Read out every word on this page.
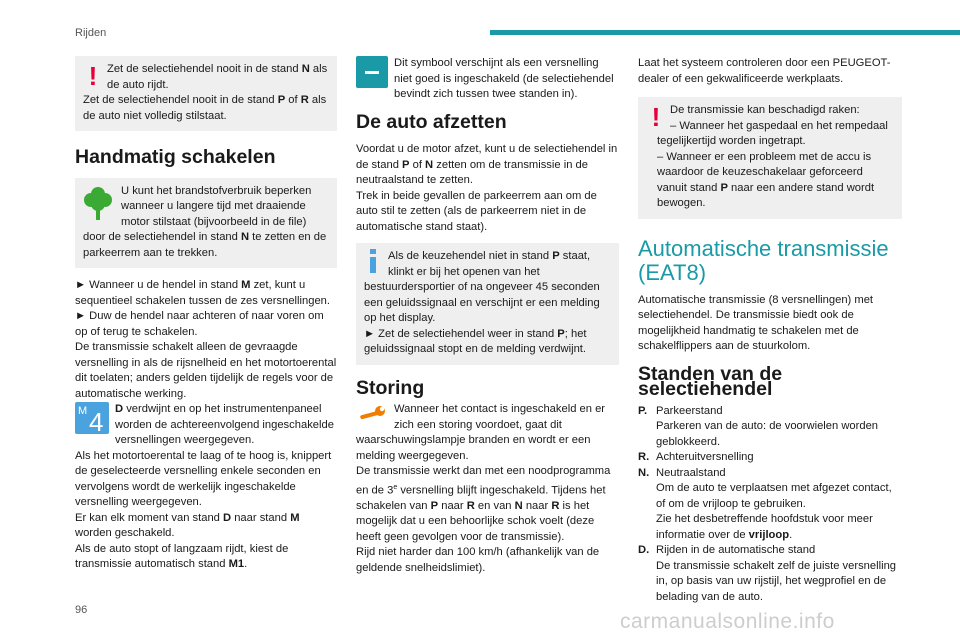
Rijden
! Zet de selectiehendel nooit in de stand N als de auto rijdt.

Zet de selectiehendel nooit in de stand P of R als de auto niet volledig stilstaat.

Handmatig schakelen

U kunt het brandstofverbruik beperken wanneer u langere tijd met draaiende motor stilstaat (bijvoorbeeld in de file) door de selectiehendel in stand N te zetten en de parkeerrem aan te trekken.

► Wanneer u de hendel in stand M zet, kunt u sequentieel schakelen tussen de zes versnellingen.

► Duw de hendel naar achteren of naar voren om op of terug te schakelen.

De transmissie schakelt alleen de gevraagde versnelling in als de rijsnelheid en het motortoerental dit toelaten; anders gelden tijdelijk de regels voor de automatische werking.

M 4	D verdwijnt en op het instrumentenpaneel worden de achtereenvolgend ingeschakelde versnellingen weergegeven.

Als het motortoerental te laag of te hoog is, knippert de geselecteerde versnelling enkele seconden en vervolgens wordt de werkelijk ingeschakelde versnelling weergegeven.

Er kan elk moment van stand D naar stand M worden geschakeld.

Als de auto stopt of langzaam rijdt, kiest de transmissie automatisch stand M1.

Dit symbool verschijnt als een versnelling niet goed is ingeschakeld (de selectiehendel bevindt zich tussen twee standen in).

De auto afzetten

Voordat u de motor afzet, kunt u de selectiehendel in de stand P of N zetten om de transmissie in de neutraalstand te zetten.

Trek in beide gevallen de parkeerrem aan om de auto stil te zetten (als de parkeerrem niet in de automatische stand staat).

Als de keuzehendel niet in stand P staat, klinkt er bij het openen van het bestuurdersportier of na ongeveer 45 seconden een geluidssignaal en verschijnt er een melding op het display.

► Zet de selectiehendel weer in stand P; het geluidssignaal stopt en de melding verdwijnt.

Storing

Wanneer het contact is ingeschakeld en er zich een storing voordoet, gaat dit waarschuwingslampje branden en wordt er een melding weergegeven.

De transmissie werkt dan met een noodprogramma en de 3e versnelling blijft ingeschakeld. Tijdens het schakelen van P naar R en van N naar R is het mogelijk dat u een behoorlijke schok voelt (deze heeft geen gevolgen voor de transmissie).

Rijd niet harder dan 100 km/h (afhankelijk van de geldende snelheidslimiet).

Laat het systeem controleren door een PEUGEOT-dealer of een gekwalificeerde werkplaats.

! De transmissie kan beschadigd raken:

– Wanneer het gaspedaal en het rempedaal tegelijkertijd worden ingetrapt.

– Wanneer er een probleem met de accu is waardoor de keuzeschakelaar geforceerd vanuit stand P naar een andere stand wordt bewogen.

Automatische transmissie (EAT8)

Automatische transmissie (8 versnellingen) met selectiehendel. De transmissie biedt ook de mogelijkheid handmatig te schakelen met de schakelflippers aan de stuurkolom.

Standen van de selectiehendel
P. Parkeerstand

Parkeren van de auto: de voorwielen worden geblokkeerd.

R. Achteruitversnelling

N. Neutraalstand

Om de auto te verplaatsen met afgezet contact, of om de vrijloop te gebruiken.

Zie het desbetreffende hoofdstuk voor meer informatie over de vrijloop.

D. Rijden in de automatische stand

De transmissie schakelt zelf de juiste versnelling in, op basis van uw rijstijl, het wegprofiel en de belading van de auto.

96	carmanualsonline.info
